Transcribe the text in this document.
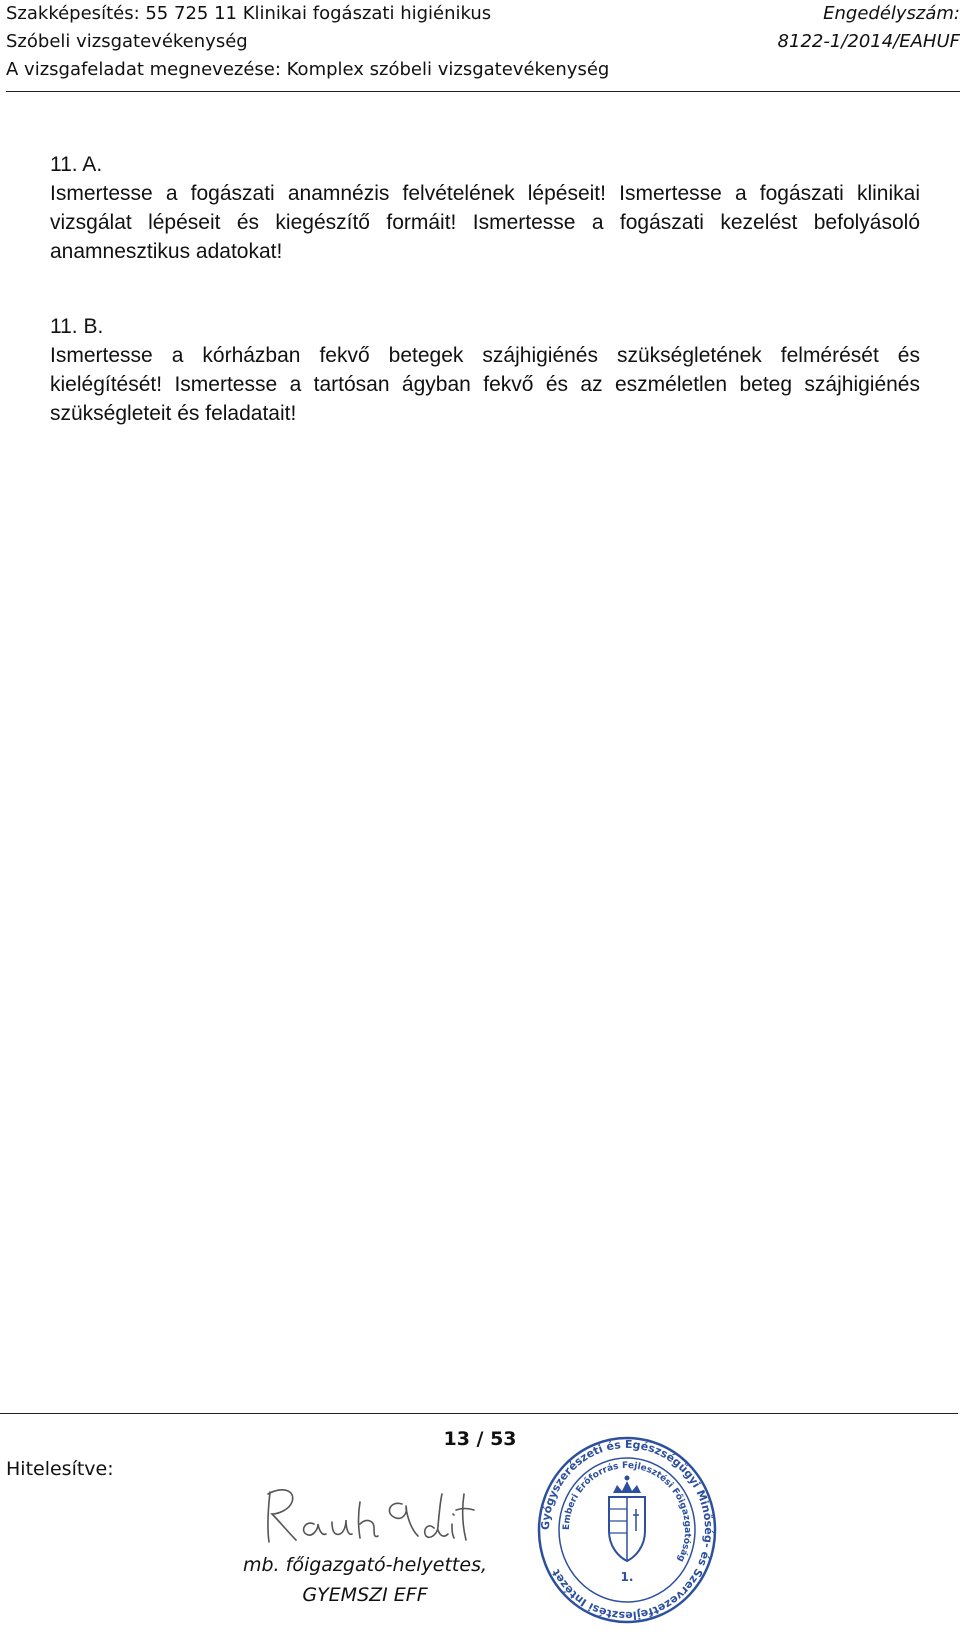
Szakképesítés: 55 725 11 Klinikai fogászati higiénikus
Szóbeli vizsgatevékenység
A vizsgafeladat megnevezése: Komplex szóbeli vizsgatevékenység
Engedélyszám:
8122-1/2014/EAHUF

11. A.

Ismertesse a fogászati anamnézis felvételének lépéseit! Ismertesse a fogászati klinikai vizsgálat lépéseit és kiegészítő formáit! Ismertesse a fogászati kezelést befolyásoló anamnesztikus adatokat!

11. B.

Ismertesse a kórházban fekvő betegek szájhigiénés szükségletének felmérését és kielégítését! Ismertesse a tartósan ágyban fekvő és az eszméletlen beteg szájhigiénés szükségleteit és feladatait!

13 / 53
Hitelesítve:
Rauh Edit
Gyógyszerészeti és Egészségügyi Minőség- és Szervezetfejlesztési Intézet
Emberi Erőforrás Fejlesztési Főigazgatóság
1.
mb. főigazgató-helyettes,
GYEMSZI EFF
